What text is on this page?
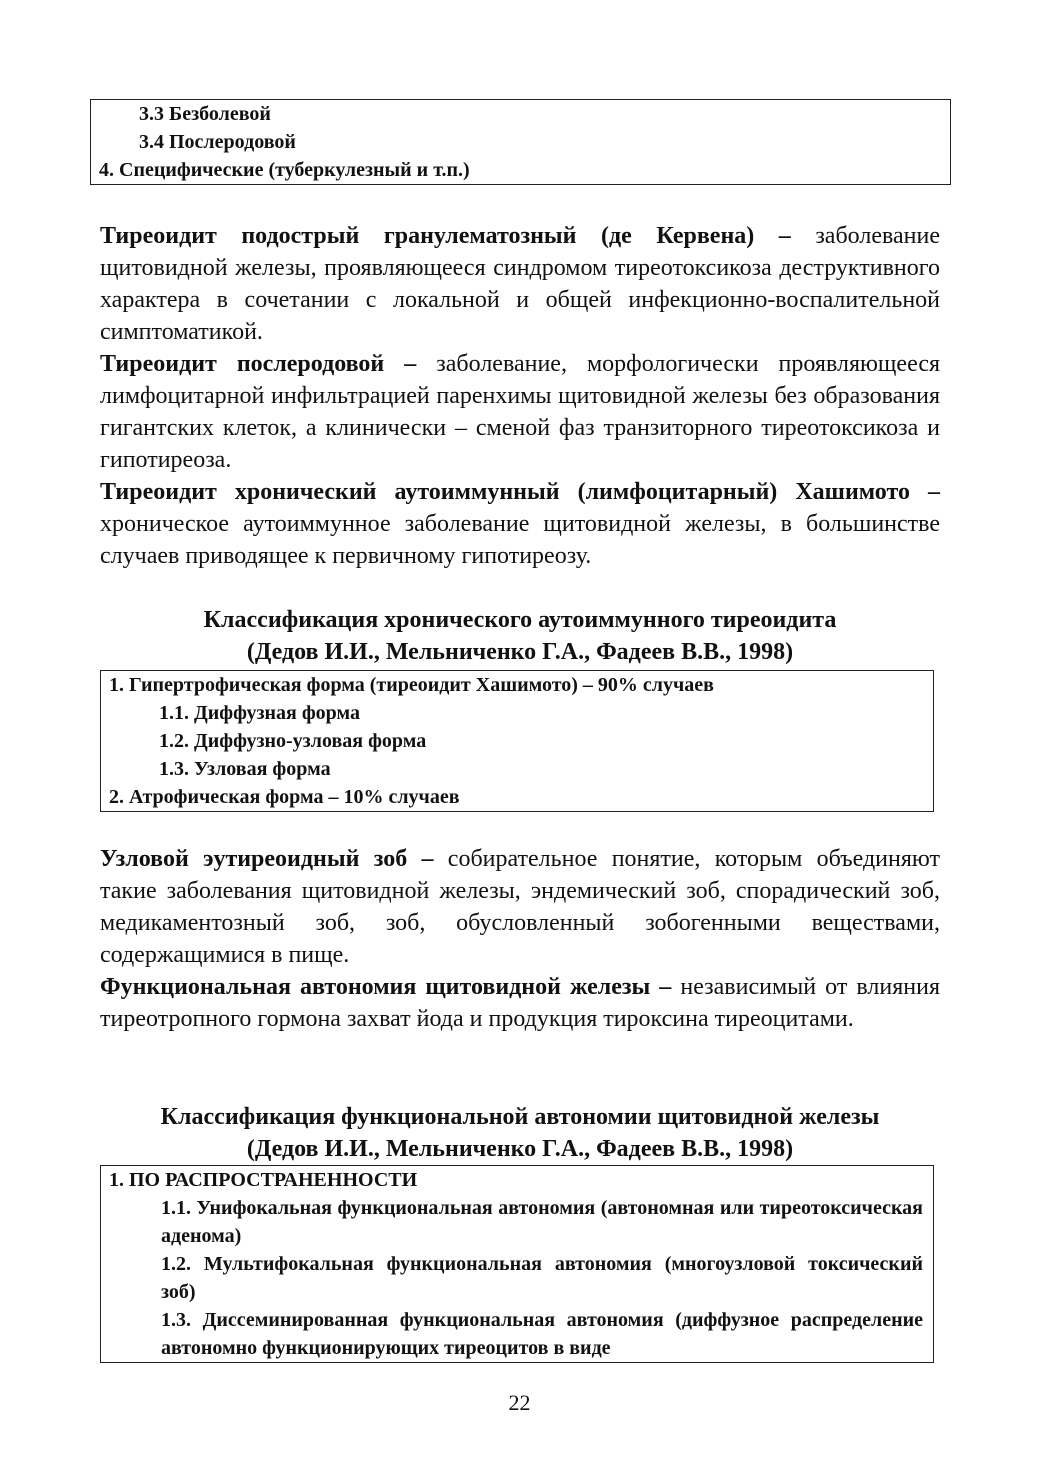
3.3 Безболевой
3.4 Послеродовой
4. Специфические (туберкулезный и т.п.)

Тиреоидит подострый гранулематозный (де Кервена) – заболевание щитовидной железы, проявляющееся синдромом тиреотоксикоза деструктивного характера в сочетании с локальной и общей инфекционно-воспалительной симптоматикой.

Тиреоидит послеродовой – заболевание, морфологически проявляющееся лимфоцитарной инфильтрацией паренхимы щитовидной железы без образования гигантских клеток, а клинически – сменой фаз транзиторного тиреотоксикоза и гипотиреоза.

Тиреоидит хронический аутоиммунный (лимфоцитарный) Хашимото – хроническое аутоиммунное заболевание щитовидной железы, в большинстве случаев приводящее к первичному гипотиреозу.

Классификация хронического аутоиммунного тиреоидита

(Дедов И.И., Мельниченко Г.А., Фадеев В.В., 1998)

1. Гипертрофическая форма (тиреоидит Хашимото) – 90% случаев
1.1. Диффузная форма
1.2. Диффузно-узловая форма
1.3. Узловая форма
2. Атрофическая форма – 10% случаев

Узловой эутиреоидный зоб – собирательное понятие, которым объединяют такие заболевания щитовидной железы, эндемический зоб, спорадический зоб, медикаментозный зоб, зоб, обусловленный зобогенными веществами, содержащимися в пище.

Функциональная автономия щитовидной железы – независимый от влияния тиреотропного гормона захват йода и продукция тироксина тиреоцитами.

Классификация функциональной автономии щитовидной железы

(Дедов И.И., Мельниченко Г.А., Фадеев В.В., 1998)

1. ПО РАСПРОСТРАНЕННОСТИ
1.1. Унифокальная функциональная автономия (автономная или тиреотоксическая аденома)
1.2. Мультифокальная функциональная автономия (многоузловой токсический зоб)
1.3. Диссеминированная функциональная автономия (диффузное распределение автономно функционирующих тиреоцитов в виде
22
